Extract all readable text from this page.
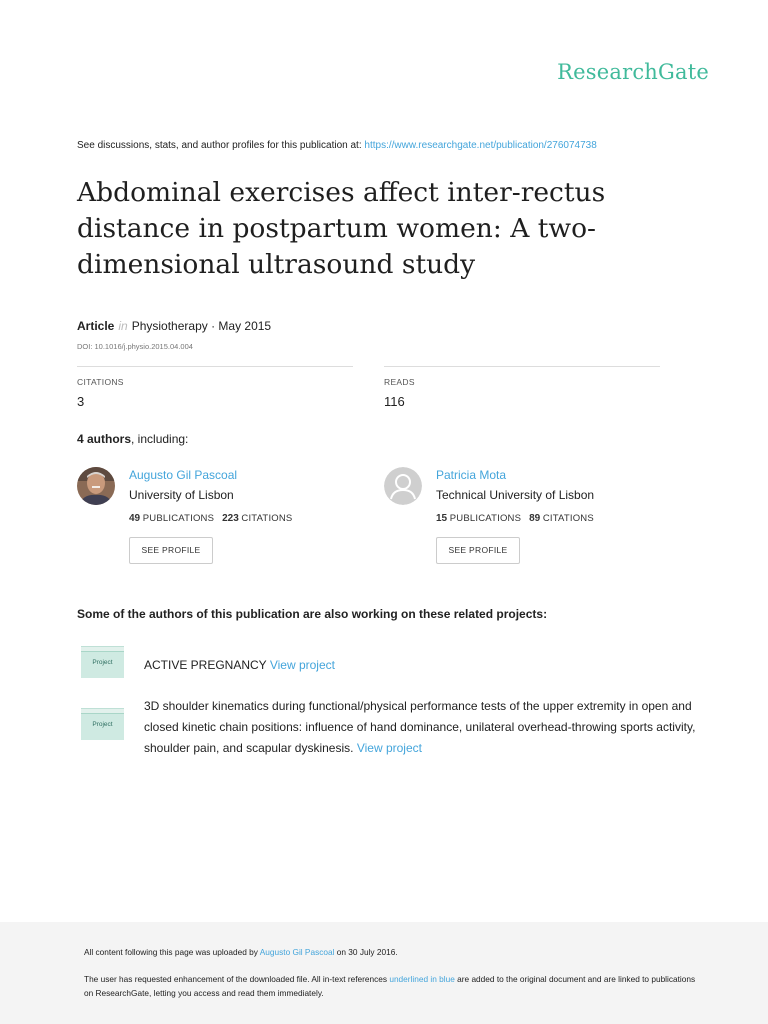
ResearchGate
See discussions, stats, and author profiles for this publication at: https://www.researchgate.net/publication/276074738
Abdominal exercises affect inter-rectus distance in postpartum women: A two-dimensional ultrasound study
Article in Physiotherapy · May 2015
DOI: 10.1016/j.physio.2015.04.004
CITATIONS
3
READS
116
4 authors, including:
Augusto Gil Pascoal
University of Lisbon
49 PUBLICATIONS 223 CITATIONS
SEE PROFILE
Patricia Mota
Technical University of Lisbon
15 PUBLICATIONS 89 CITATIONS
SEE PROFILE
Some of the authors of this publication are also working on these related projects:
Project	ACTIVE PREGNANCY View project
Project
3D shoulder kinematics during functional/physical performance tests of the upper extremity in open and closed kinetic chain positions: influence of hand dominance, unilateral overhead-throwing sports activity, shoulder pain, and scapular dyskinesis. View project
All content following this page was uploaded by Augusto Gil Pascoal on 30 July 2016.
The user has requested enhancement of the downloaded file. All in-text references underlined in blue are added to the original document and are linked to publications on ResearchGate, letting you access and read them immediately.
